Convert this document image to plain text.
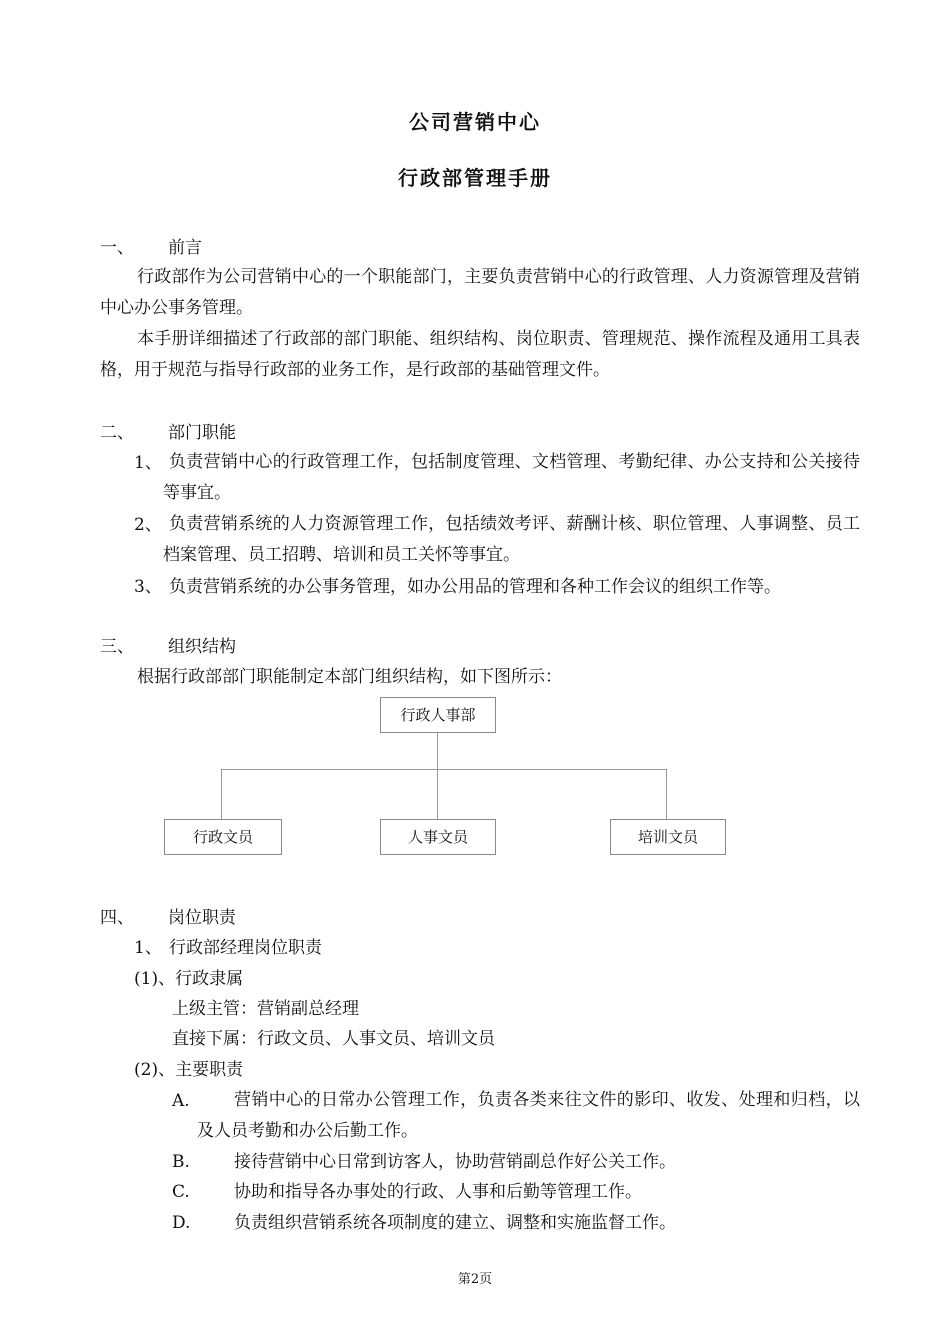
公司营销中心
行政部管理手册
一、 前言
行政部作为公司营销中心的一个职能部门，主要负责营销中心的行政管理、人力资源管理及营销中心办公事务管理。
本手册详细描述了行政部的部门职能、组织结构、岗位职责、管理规范、操作流程及通用工具表格，用于规范与指导行政部的业务工作，是行政部的基础管理文件。
二、 部门职能
1、 负责营销中心的行政管理工作，包括制度管理、文档管理、考勤纪律、办公支持和公关接待等事宜。
2、 负责营销系统的人力资源管理工作，包括绩效考评、薪酬计核、职位管理、人事调整、员工档案管理、员工招聘、培训和员工关怀等事宜。
3、 负责营销系统的办公事务管理，如办公用品的管理和各种工作会议的组织工作等。
三、 组织结构
根据行政部部门职能制定本部门组织结构，如下图所示：
行政人事部
行政文员	人事文员	培训文员
四、 岗位职责
1、 行政部经理岗位职责
(1)、行政隶属
上级主管：营销副总经理
直接下属：行政文员、人事文员、培训文员
(2)、主要职责
A.	营销中心的日常办公管理工作，负责各类来往文件的影印、收发、处理和归档，以及人员考勤和办公后勤工作。
B.	接待营销中心日常到访客人，协助营销副总作好公关工作。
C.	协助和指导各办事处的行政、人事和后勤等管理工作。
D.	负责组织营销系统各项制度的建立、调整和实施监督工作。
第2页
